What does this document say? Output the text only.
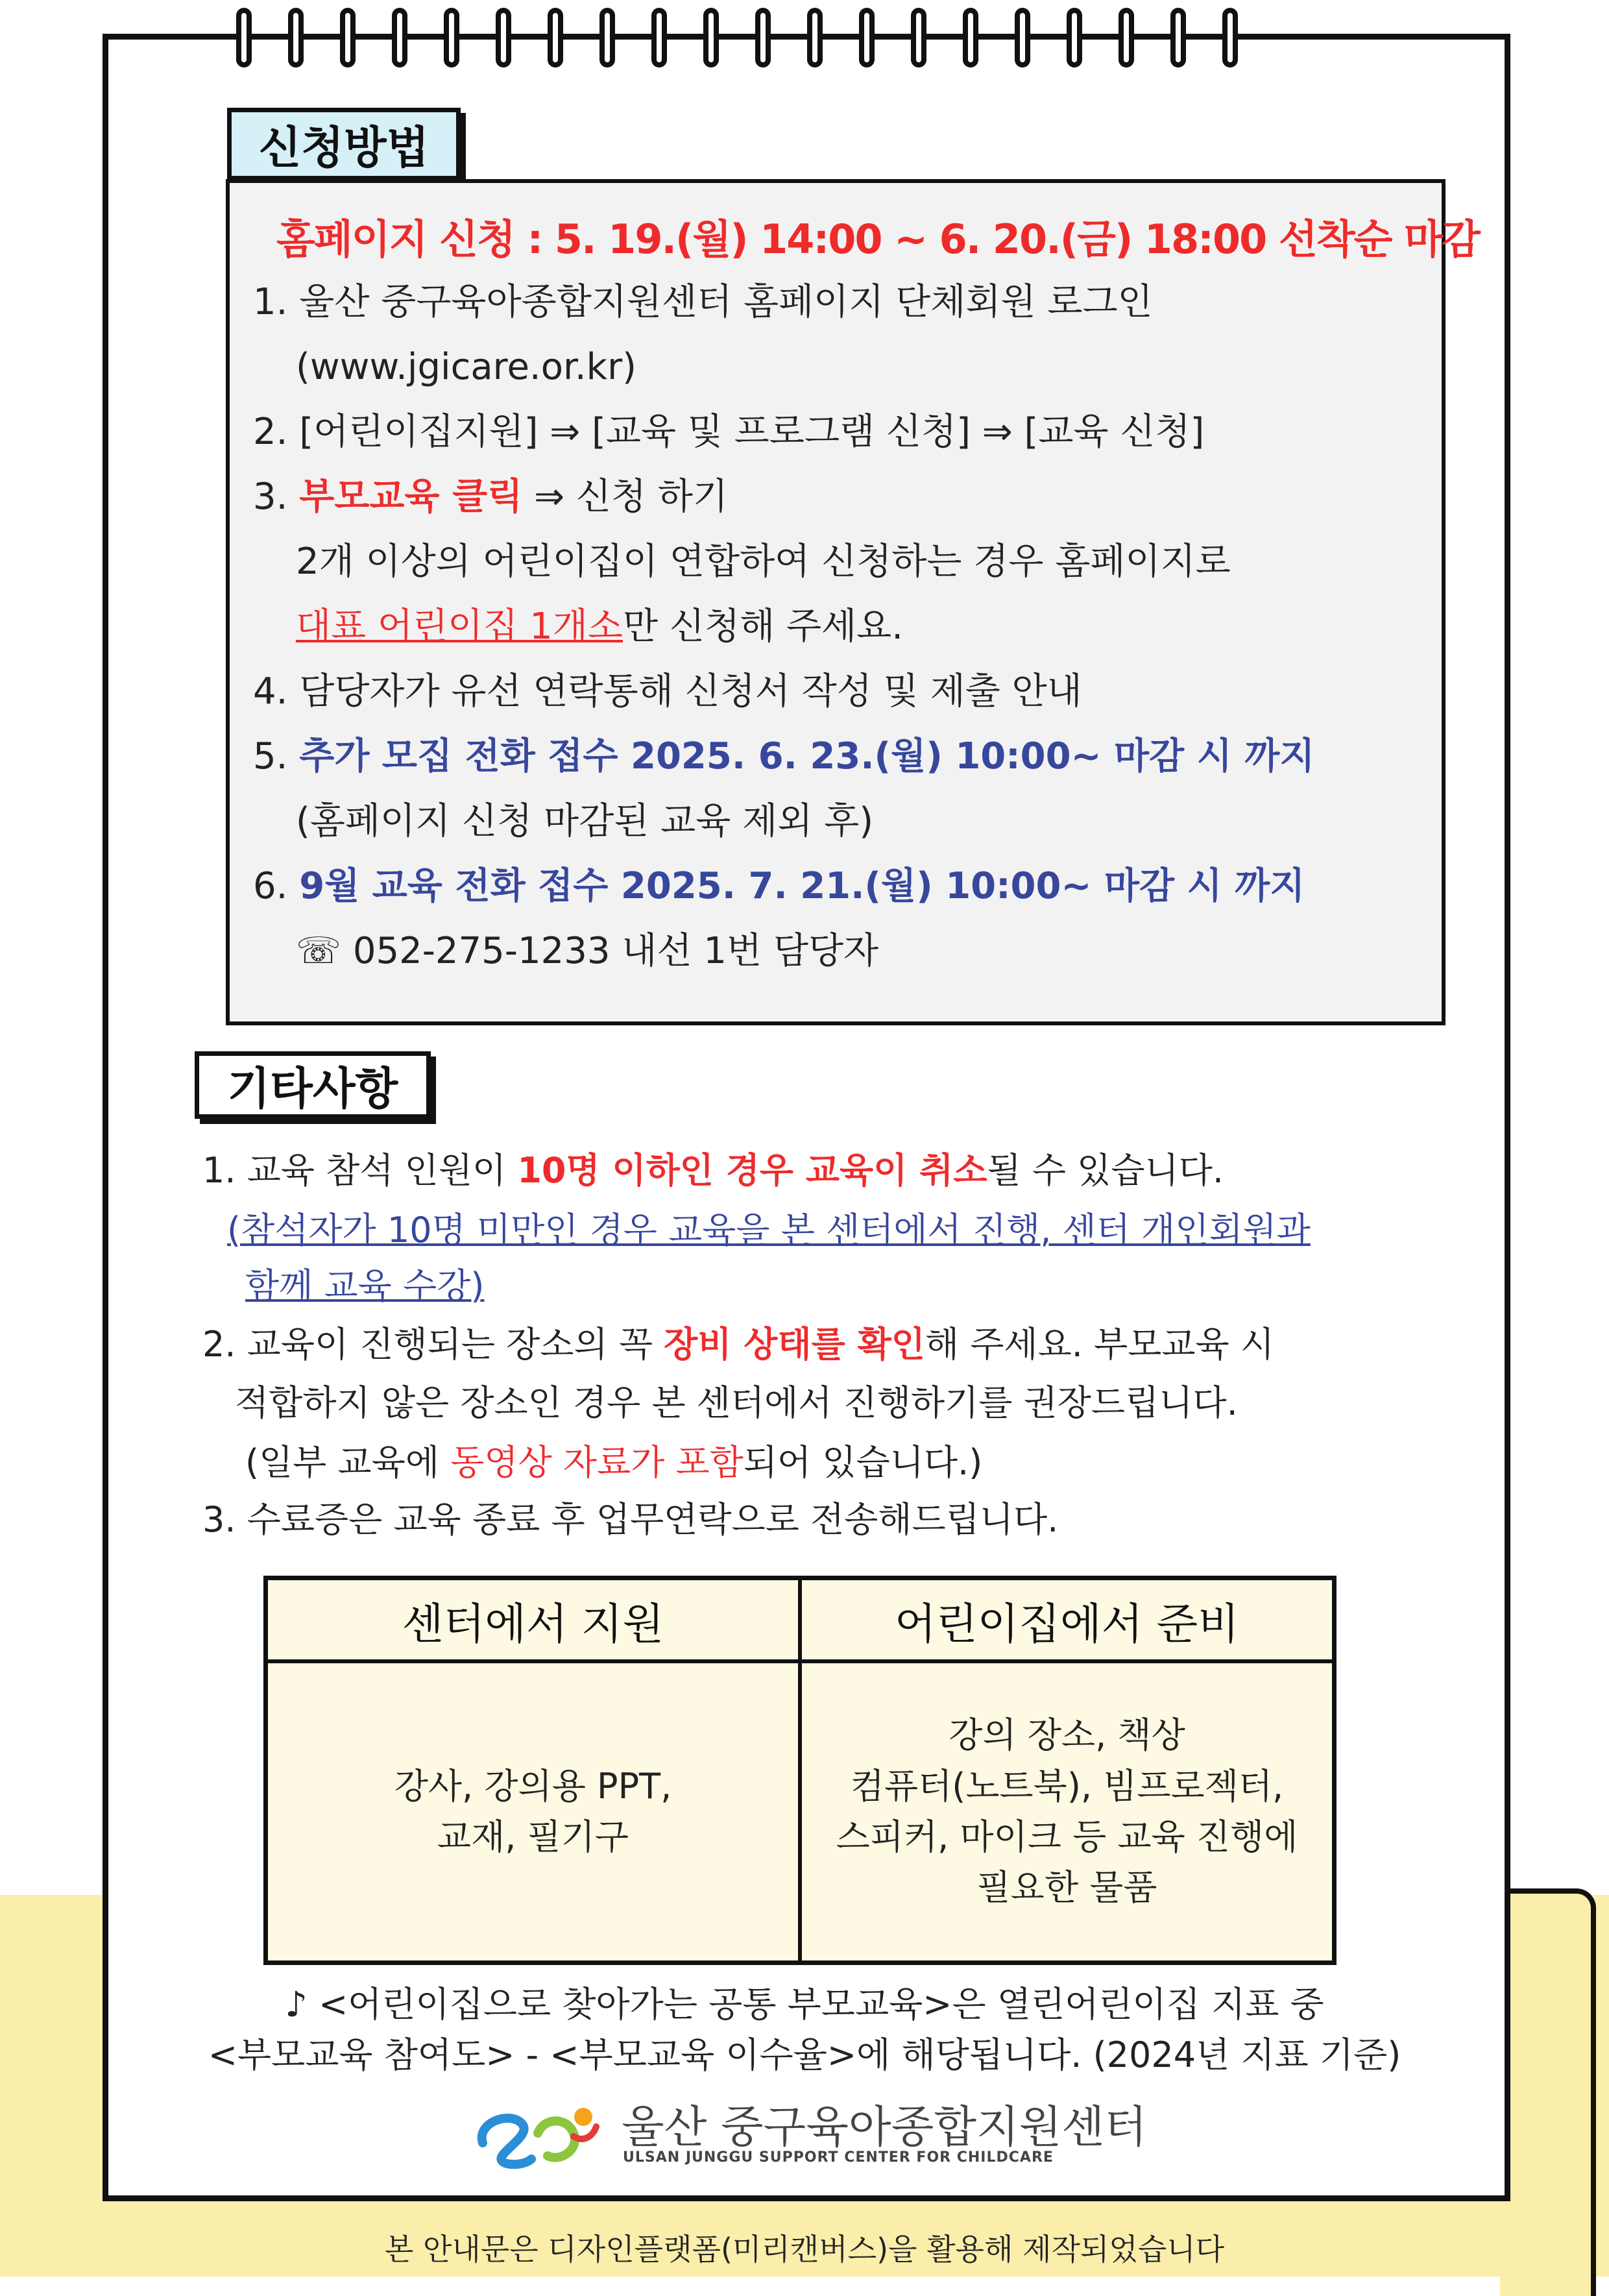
신청방법
홈페이지 신청 : 5. 19.(월) 14:00 ~ 6. 20.(금) 18:00 선착순 마감
1. 울산 중구육아종합지원센터 홈페이지 단체회원 로그인
(www.jgicare.or.kr)
2. [어린이집지원] ⇒ [교육 및 프로그램 신청] ⇒ [교육 신청]
3. 부모교육 클릭 ⇒ 신청 하기
2개 이상의 어린이집이 연합하여 신청하는 경우 홈페이지로
대표 어린이집 1개소만 신청해 주세요.
4. 담당자가 유선 연락통해 신청서 작성 및 제출 안내
5. 추가 모집 전화 접수 2025. 6. 23.(월) 10:00~ 마감 시 까지
(홈페이지 신청 마감된 교육 제외 후)
6. 9월 교육 전화 접수 2025. 7. 21.(월) 10:00~ 마감 시 까지
☏ 052-275-1233 내선 1번 담당자
기타사항
1. 교육 참석 인원이 10명 이하인 경우 교육이 취소될 수 있습니다.
(참석자가 10명 미만인 경우 교육을 본 센터에서 진행, 센터 개인회원과
함께 교육 수강)
2. 교육이 진행되는 장소의 꼭 장비 상태를 확인해 주세요. 부모교육 시
적합하지 않은 장소인 경우 본 센터에서 진행하기를 권장드립니다.
(일부 교육에 동영상 자료가 포함되어 있습니다.)
3. 수료증은 교육 종료 후 업무연락으로 전송해드립니다.
센터에서 지원	어린이집에서 준비
강사, 강의용 PPT,
교재, 필기구	강의 장소, 책상
컴퓨터(노트북), 빔프로젝터,
스피커, 마이크 등 교육 진행에
필요한 물품
♪ <어린이집으로 찾아가는 공통 부모교육>은 열린어린이집 지표 중
<부모교육 참여도> - <부모교육 이수율>에 해당됩니다. (2024년 지표 기준)
울산 중구육아종합지원센터
ULSAN JUNGGU SUPPORT CENTER FOR CHILDCARE
본 안내문은 디자인플랫폼(미리캔버스)을 활용해 제작되었습니다
